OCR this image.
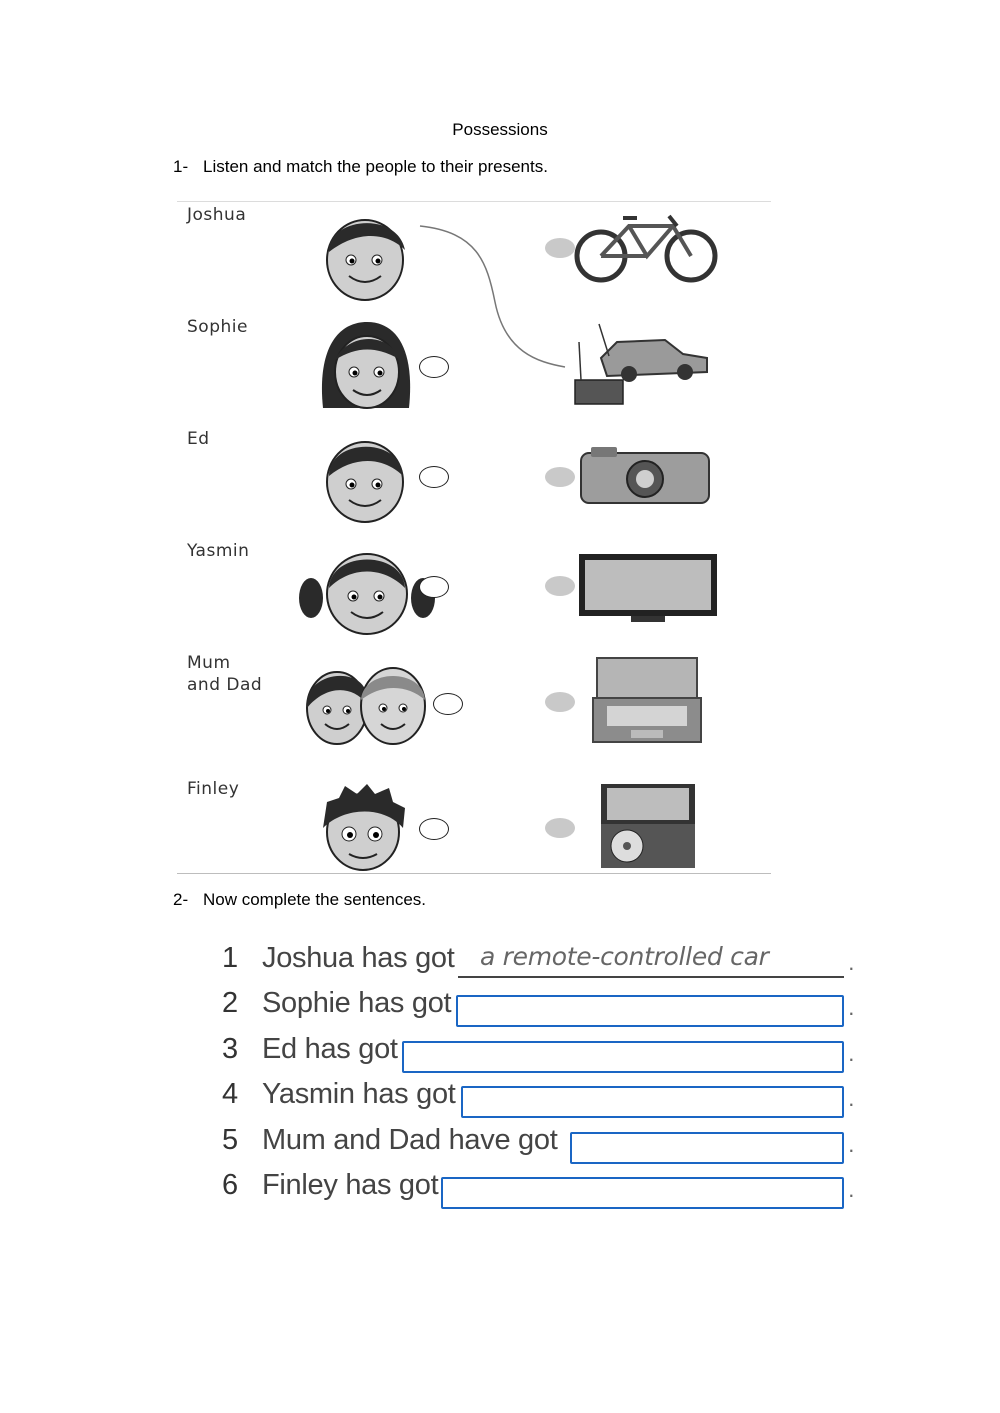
Possessions
1- Listen and match the people to their presents.
Joshua
Sophie
Ed
Yasmin
Mum
and Dad
Finley
2- Now complete the sentences.
1 Joshua has got	a remote-controlled car	.
2 Sophie has got	.
3 Ed has got	.
4 Yasmin has got	.
5 Mum and Dad have got	.
6 Finley has got	.
